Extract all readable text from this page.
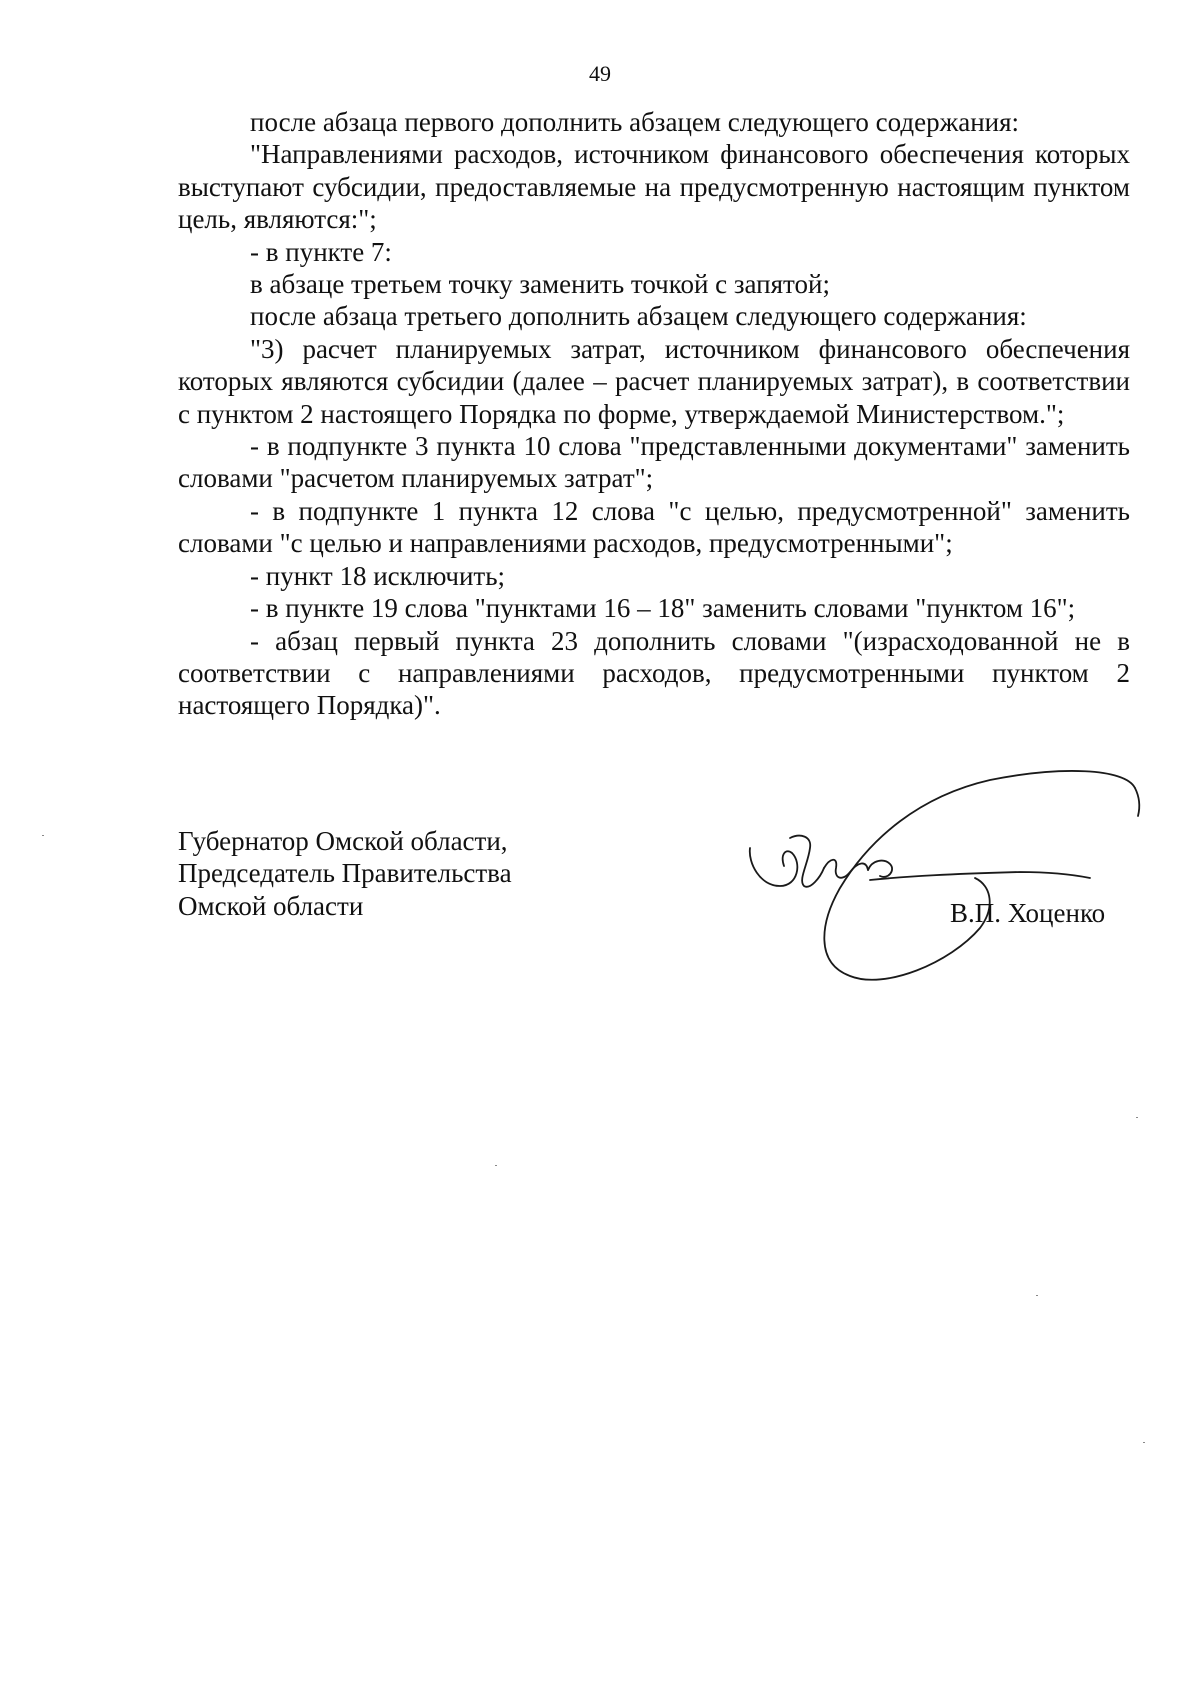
49

после абзаца первого дополнить абзацем следующего содержания:

"Направлениями расходов, источником финансового обеспечения которых выступают субсидии, предоставляемые на предусмотренную настоящим пунктом цель, являются:";

- в пункте 7:

в абзаце третьем точку заменить точкой с запятой;

после абзаца третьего дополнить абзацем следующего содержания:

"3) расчет планируемых затрат, источником финансового обеспечения которых являются субсидии (далее – расчет планируемых затрат), в соответствии с пунктом 2 настоящего Порядка по форме, утверждаемой Министерством.";

- в подпункте 3 пункта 10 слова "представленными документами" заменить словами "расчетом планируемых затрат";

- в подпункте 1 пункта 12 слова "с целью, предусмотренной" заменить словами "с целью и направлениями расходов, предусмотренными";

- пункт 18 исключить;

- в пункте 19 слова "пунктами 16 – 18" заменить словами "пунктом 16";

- абзац первый пункта 23 дополнить словами "(израсходованной не в соответствии с направлениями расходов, предусмотренными пунктом 2 настоящего Порядка)".

Губернатор Омской области,
Председатель Правительства
Омской области	В.П. Хоценко
